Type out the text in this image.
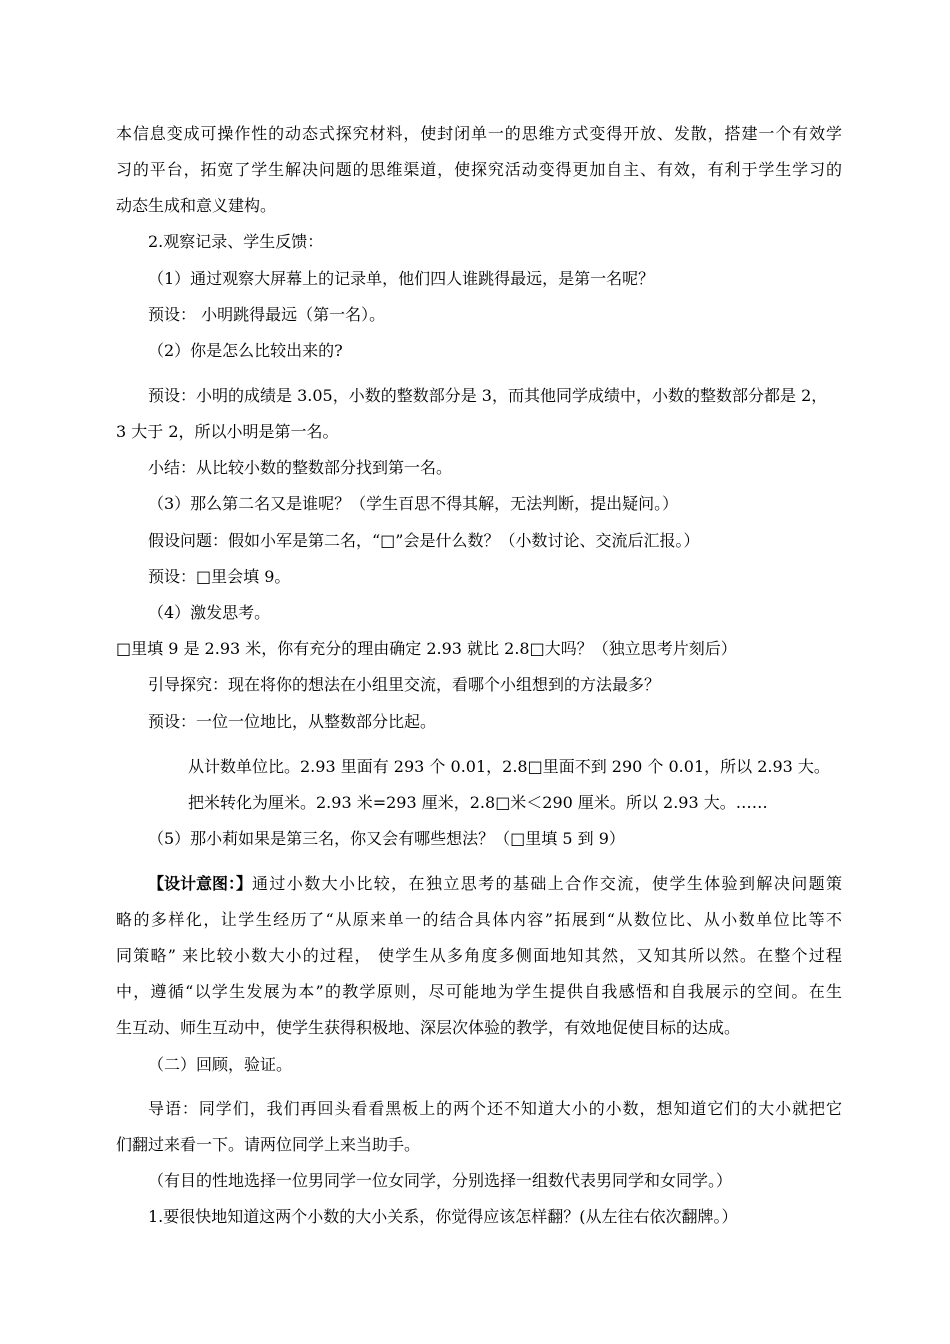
本信息变成可操作性的动态式探究材料，使封闭单一的思维方式变得开放、发散，搭建一个有效学
习的平台，拓宽了学生解决问题的思维渠道，使探究活动变得更加自主、有效，有利于学生学习的
动态生成和意义建构。
2.观察记录、学生反馈：
（1）通过观察大屏幕上的记录单，他们四人谁跳得最远，是第一名呢？
预设： 小明跳得最远（第一名）。
（2）你是怎么比较出来的?
预设：小明的成绩是 3.05，小数的整数部分是 3，而其他同学成绩中，小数的整数部分都是 2，
3 大于 2，所以小明是第一名。
小结：从比较小数的整数部分找到第一名。
（3）那么第二名又是谁呢？（学生百思不得其解，无法判断，提出疑问。）
假设问题：假如小军是第二名，“□”会是什么数？（小数讨论、交流后汇报。）
预设：□里会填 9。
（4）激发思考。
□里填 9 是 2.93 米，你有充分的理由确定 2.93 就比 2.8□大吗？（独立思考片刻后）
引导探究：现在将你的想法在小组里交流，看哪个小组想到的方法最多？
预设：一位一位地比，从整数部分比起。
从计数单位比。2.93 里面有 293 个 0.01，2.8□里面不到 290 个 0.01，所以 2.93 大。
把米转化为厘米。2.93 米=293 厘米，2.8□米＜290 厘米。所以 2.93 大。……
（5）那小莉如果是第三名，你又会有哪些想法？（□里填 5 到 9）
【设计意图：】 通过小数大小比较，在独立思考的基础上合作交流，使学生体验到解决问题策
略的多样化，让学生经历了“从原来单一的结合具体内容”拓展到“从数位比、从小数单位比等不
同策略” 来比较小数大小的过程， 使学生从多角度多侧面地知其然，又知其所以然。在整个过程
中，遵循“以学生发展为本”的教学原则，尽可能地为学生提供自我感悟和自我展示的空间。在生
生互动、师生互动中，使学生获得积极地、深层次体验的教学，有效地促使目标的达成。
（二）回顾，验证。
导语：同学们，我们再回头看看黑板上的两个还不知道大小的小数，想知道它们的大小就把它
们翻过来看一下。请两位同学上来当助手。
（有目的性地选择一位男同学一位女同学，分别选择一组数代表男同学和女同学。）
1.要很快地知道这两个小数的大小关系，你觉得应该怎样翻？(从左往右依次翻牌。）
